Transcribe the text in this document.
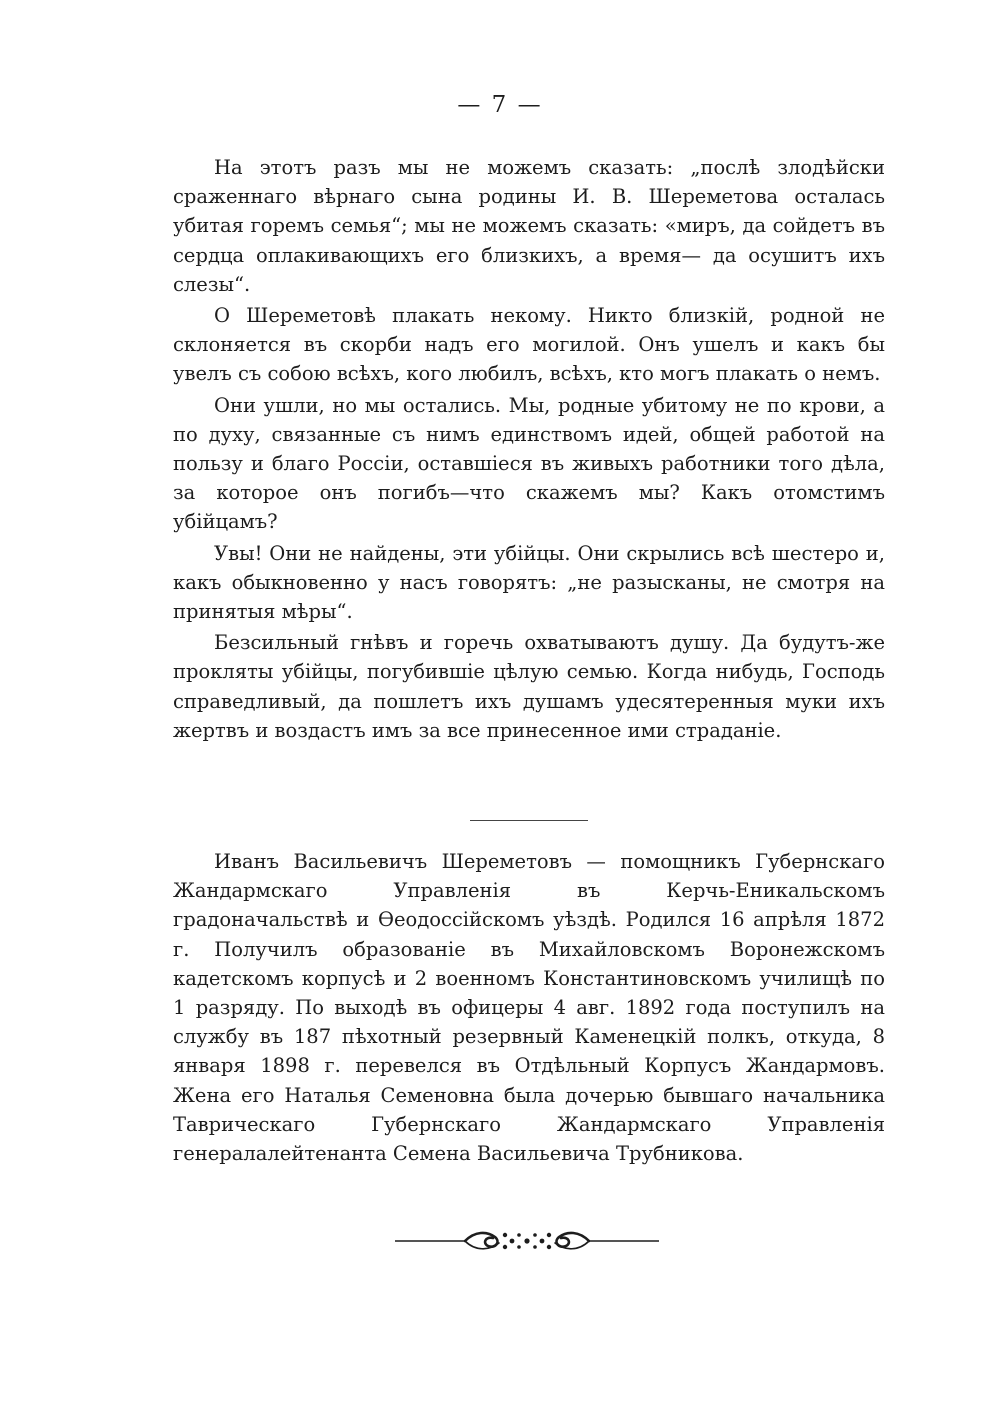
— 7 —

На этотъ разъ мы не можемъ сказать: „послѣ злодѣйски сраженнаго вѣрнаго сына родины И. В. Шереметова осталась убитая горемъ семья“; мы не можемъ сказать: «миръ, да сойдетъ въ сердца оплакивающихъ его близкихъ, а время— да осушитъ ихъ слезы“.

О Шереметовѣ плакать некому. Никто близкій, родной не склоняется въ скорби надъ его могилой. Онъ ушелъ и какъ бы увелъ съ собою всѣхъ, кого любилъ, всѣхъ, кто могъ плакать о немъ.

Они ушли, но мы остались. Мы, родные убитому не по крови, а по духу, связанные съ нимъ единствомъ идей, общей работой на пользу и благо Россіи, оставшіеся въ живыхъ работники того дѣла, за которое онъ погибъ—что скажемъ мы? Какъ отомстимъ убійцамъ?

Увы! Они не найдены, эти убійцы. Они скрылись всѣ шестеро и, какъ обыкновенно у насъ говорятъ: „не разысканы, не смотря на принятыя мѣры“.

Безсильный гнѣвъ и горечь охватываютъ душу. Да будутъ-же прокляты убійцы, погубившіе цѣлую семью. Когда нибудь, Господь справедливый, да пошлетъ ихъ душамъ удесятеренныя муки ихъ жертвъ и воздастъ имъ за все принесенное ими страданіе.

Иванъ Васильевичъ Шереметовъ — помощникъ Губернскаго Жандармскаго Управленія въ Керчь-Еникальскомъ градоначальствѣ и Ѳеодоссійскомъ уѣздѣ. Родился 16 апрѣля 1872 г. Получилъ образованіе въ Михайловскомъ Воронежскомъ кадетскомъ корпусѣ и 2 военномъ Константиновскомъ училищѣ по 1 разряду. По выходѣ въ офицеры 4 авг. 1892 года поступилъ на службу въ 187 пѣхотный резервный Каменецкій полкъ, откуда, 8 января 1898 г. перевелся въ Отдѣльный Корпусъ Жандармовъ. Жена его Наталья Семеновна была дочерью бывшаго начальника Таврическаго Губернскаго Жандармскаго Управленія генералалейтенанта Семена Васильевича Трубникова.
